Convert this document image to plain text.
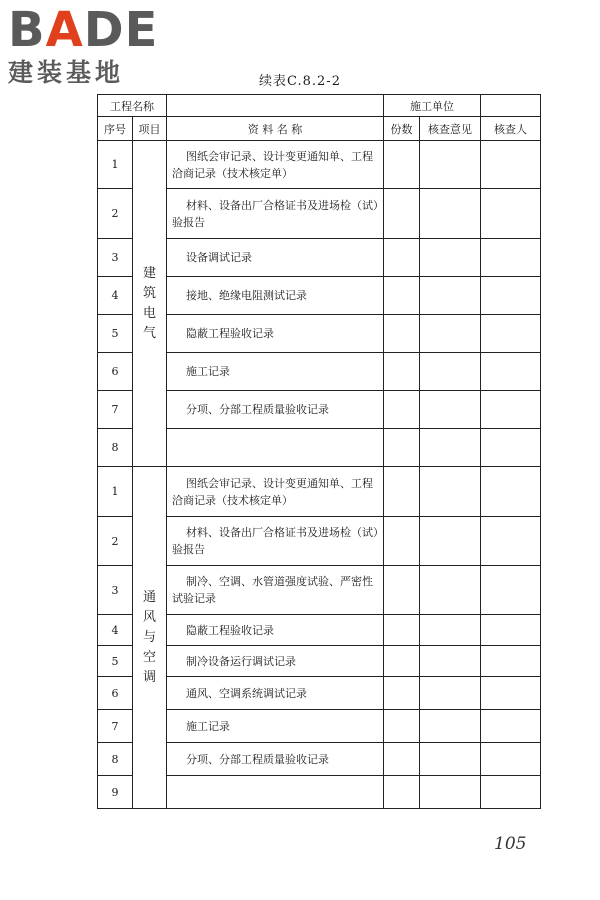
BADE
建装基地	续表C.8.2-2
工程名称			施工单位		
序号	项目	资 料 名 称	份数	核查意见	核查人
1	建筑电气	图纸会审记录、设计变更通知单、工程洽商记录（技术核定单）			
2		材料、设备出厂合格证书及进场检（试）验报告			
3		设备调试记录			
4		接地、绝缘电阻测试记录			
5		隐蔽工程验收记录			
6		施工记录			
7		分项、分部工程质量验收记录			
8					
1	通风与空调	图纸会审记录、设计变更通知单、工程洽商记录（技术核定单）			
2		材料、设备出厂合格证书及进场检（试）验报告			
3		制冷、空调、水管道强度试验、严密性试验记录			
4		隐蔽工程验收记录			
5		制冷设备运行调试记录			
6		通风、空调系统调试记录			
7		施工记录			
8		分项、分部工程质量验收记录			
9					
105
